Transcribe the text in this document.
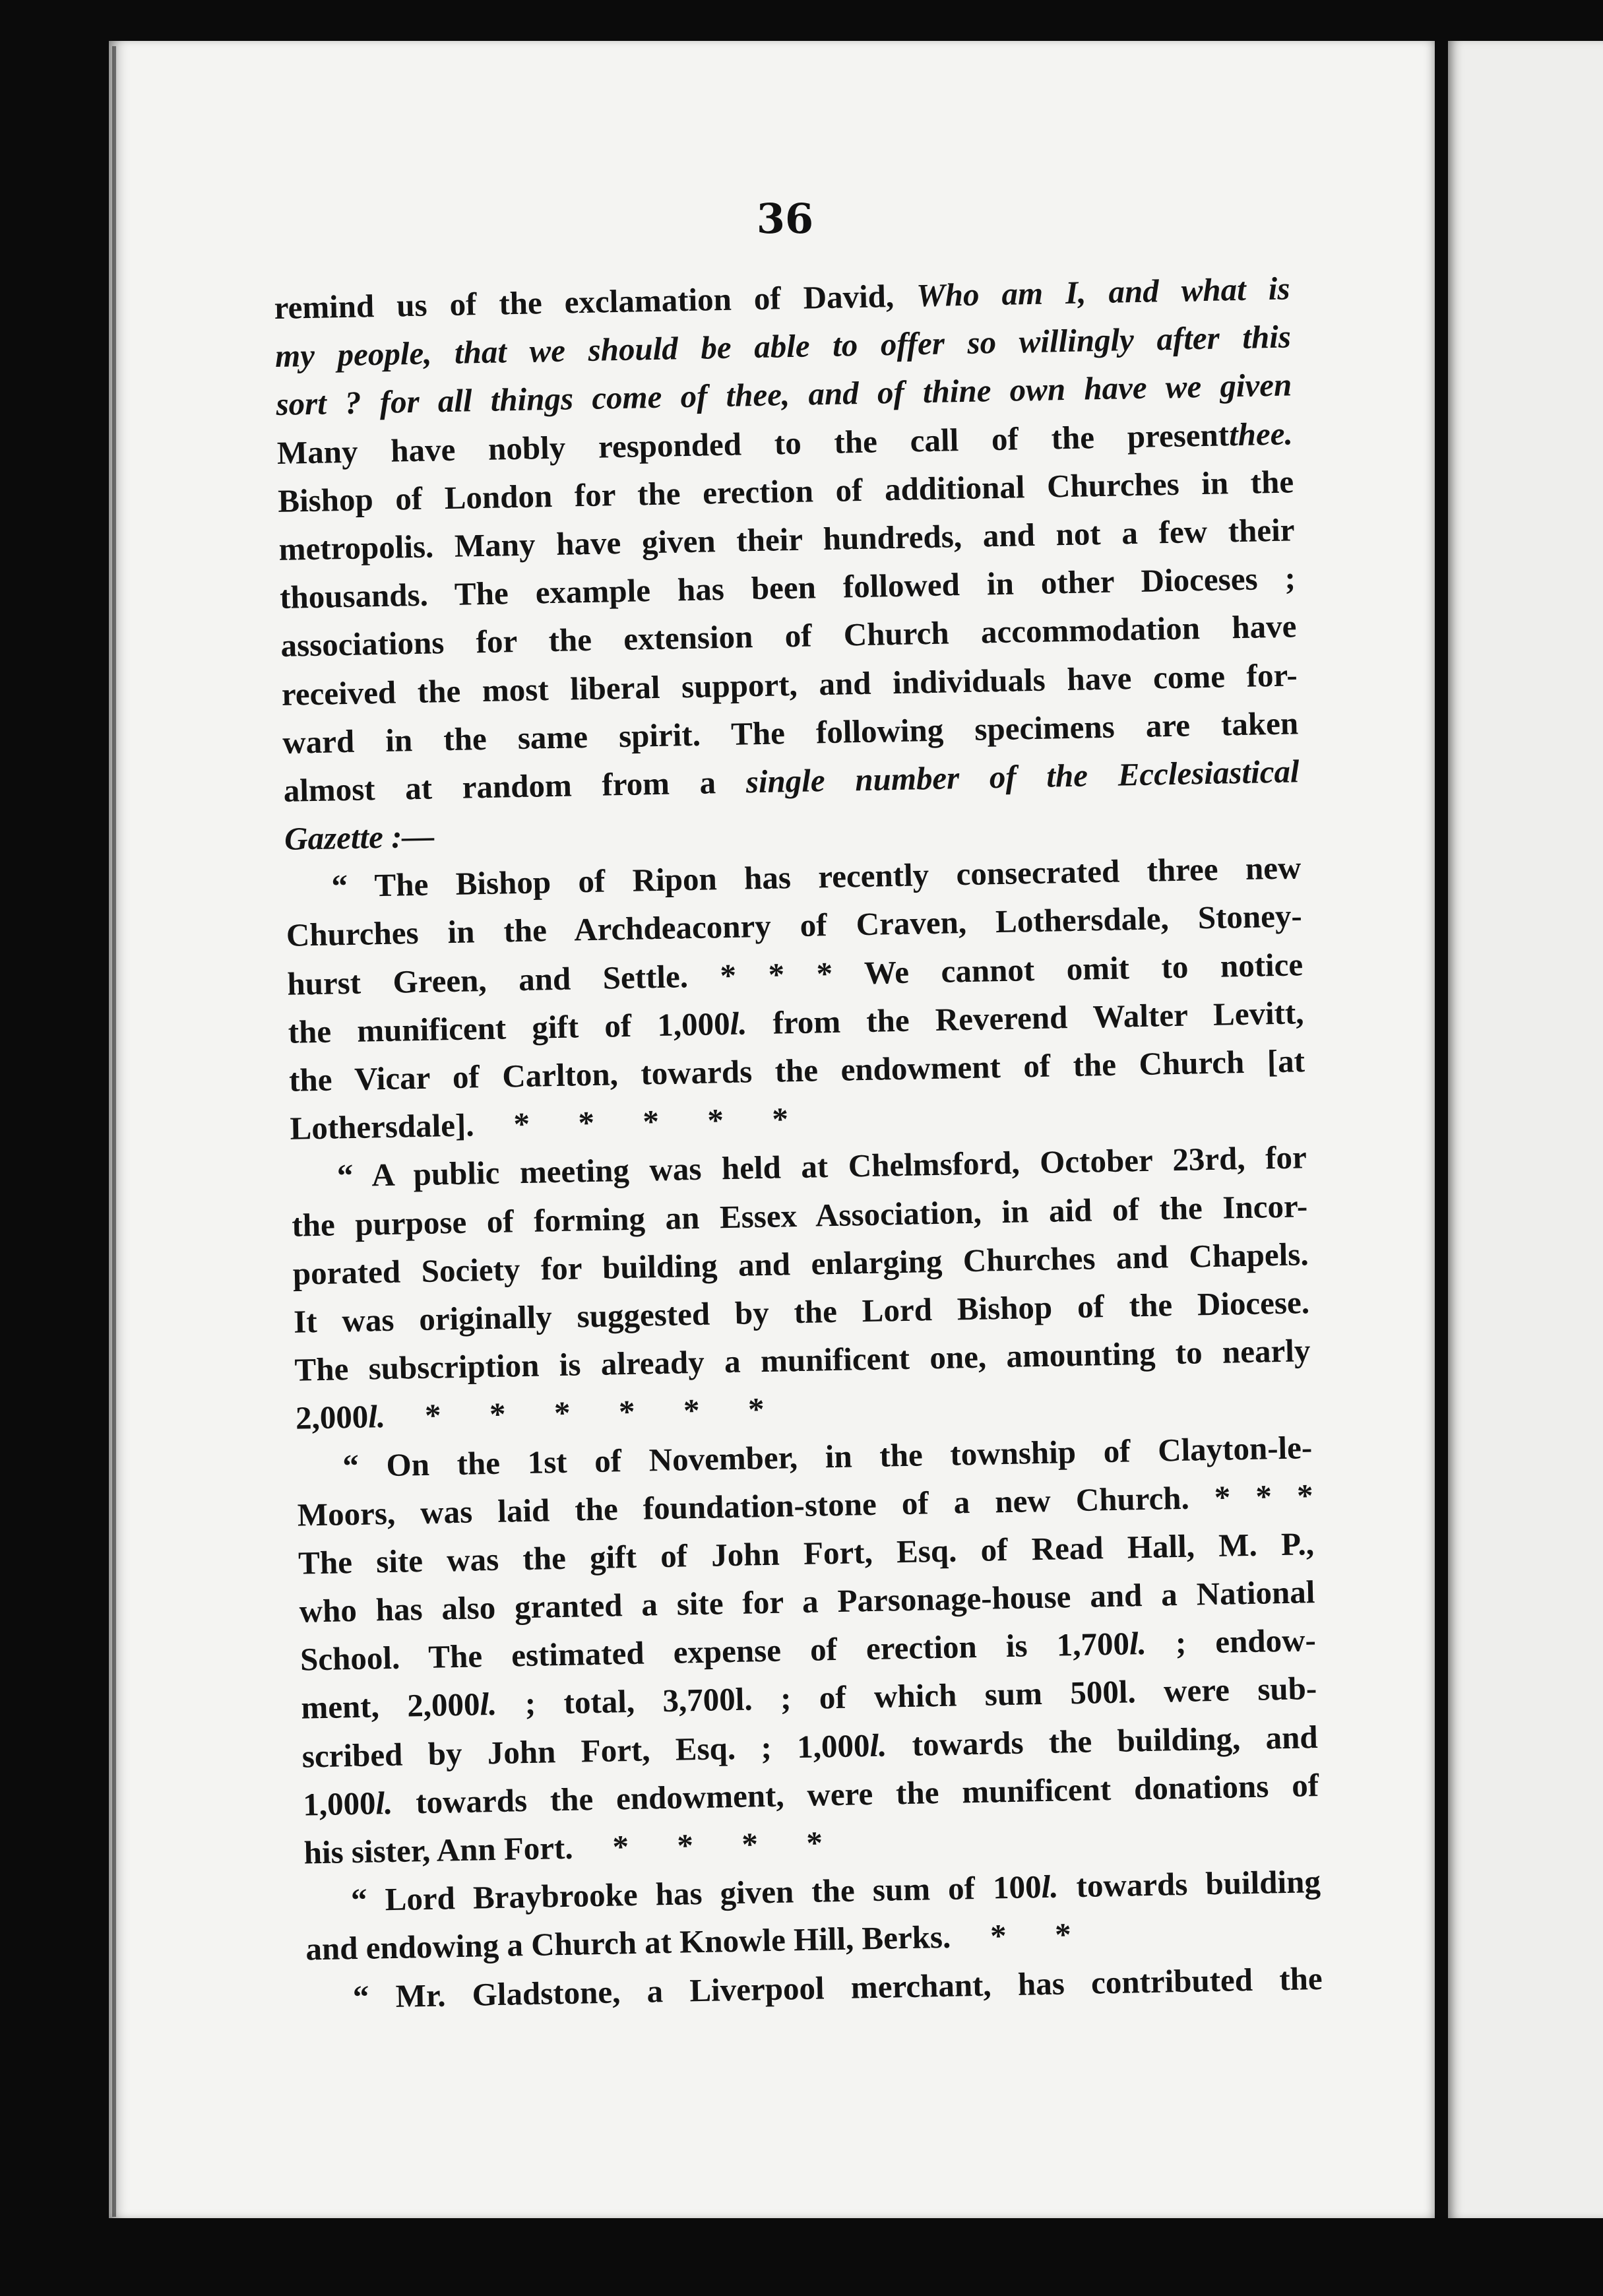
36
remind us of the exclamation of David, Who am I, and what is
my people, that we should be able to offer so willingly after this
sort ? for all things come of thee, and of thine own have we given
Many have nobly responded to the call of the presentthee.
Bishop of London for the erection of additional Churches in the
metropolis. Many have given their hundreds, and not a few their
thousands. The example has been followed in other Dioceses ;
associations for the extension of Church accommodation have
received the most liberal support, and individuals have come for-
ward in the same spirit. The following specimens are taken
almost at random from a single number of the Ecclesiastical
Gazette :—
“ The Bishop of Ripon has recently consecrated three new
Churches in the Archdeaconry of Craven, Lothersdale, Stoney-
hurst Green, and Settle. * * * We cannot omit to notice
the munificent gift of 1,000l. from the Reverend Walter Levitt,
the Vicar of Carlton, towards the endowment of the Church [at
Lothersdale]. *      *      *      *      *
“ A public meeting was held at Chelmsford, October 23rd, for
the purpose of forming an Essex Association, in aid of the Incor-
porated Society for building and enlarging Churches and Chapels.
It was originally suggested by the Lord Bishop of the Diocese.
The subscription is already a munificent one, amounting to nearly
2,000l. *      *      *      *      *      *
“ On the 1st of November, in the township of Clayton-le-
Moors, was laid the foundation-stone of a new Church. * * *
The site was the gift of John Fort, Esq. of Read Hall, M. P.,
who has also granted a site for a Parsonage-house and a National
School. The estimated expense of erection is 1,700l. ; endow-
ment, 2,000l. ; total, 3,700l. ; of which sum 500l. were sub-
scribed by John Fort, Esq. ; 1,000l. towards the building, and
1,000l. towards the endowment, were the munificent donations of
his sister, Ann Fort. *      *      *      *
“ Lord Braybrooke has given the sum of 100l. towards building
and endowing a Church at Knowle Hill, Berks. *      *
“ Mr. Gladstone, a Liverpool merchant, has contributed the
